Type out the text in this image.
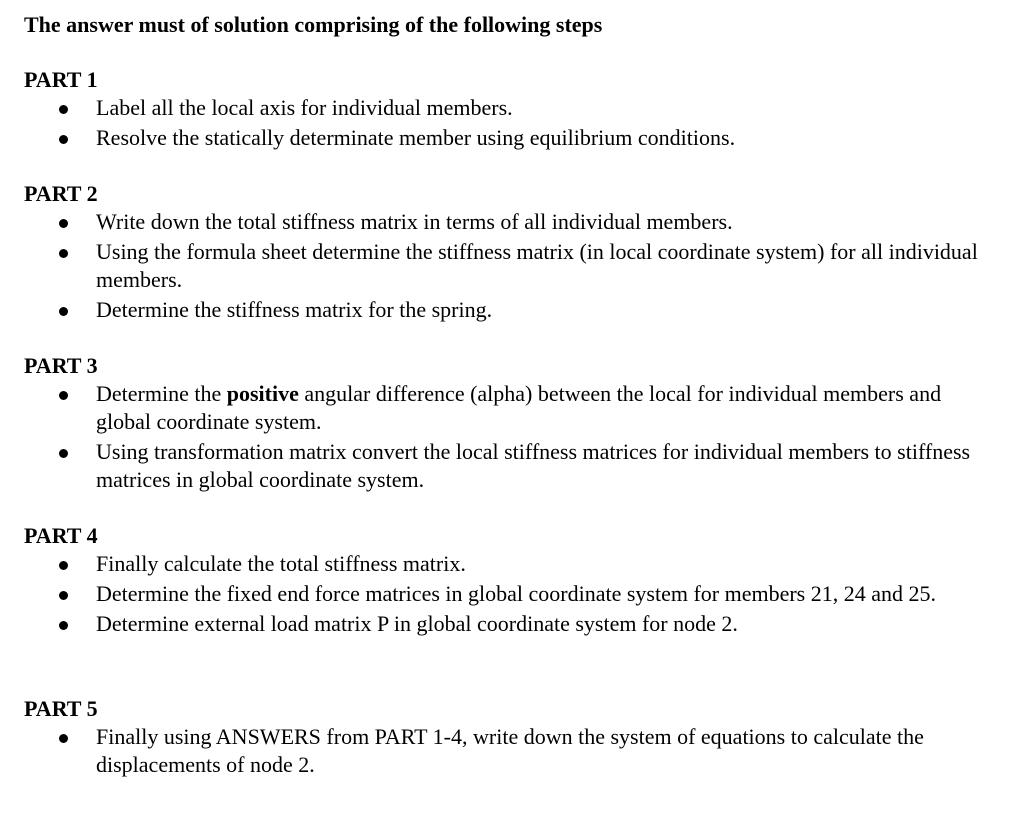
The answer must of solution comprising of the following steps
PART 1
Label all the local axis for individual members.
Resolve the statically determinate member using equilibrium conditions.
PART 2
Write down the total stiffness matrix in terms of all individual members.
Using the formula sheet determine the stiffness matrix (in local coordinate system) for all individual members.
Determine the stiffness matrix for the spring.
PART 3
Determine the positive angular difference (alpha) between the local for individual members and global coordinate system.
Using transformation matrix convert the local stiffness matrices for individual members to stiffness matrices in global coordinate system.
PART 4
Finally calculate the total stiffness matrix.
Determine the fixed end force matrices in global coordinate system for members 21, 24 and 25.
Determine external load matrix P in global coordinate system for node 2.
PART 5
Finally using ANSWERS from PART 1-4, write down the system of equations to calculate the displacements of node 2.
